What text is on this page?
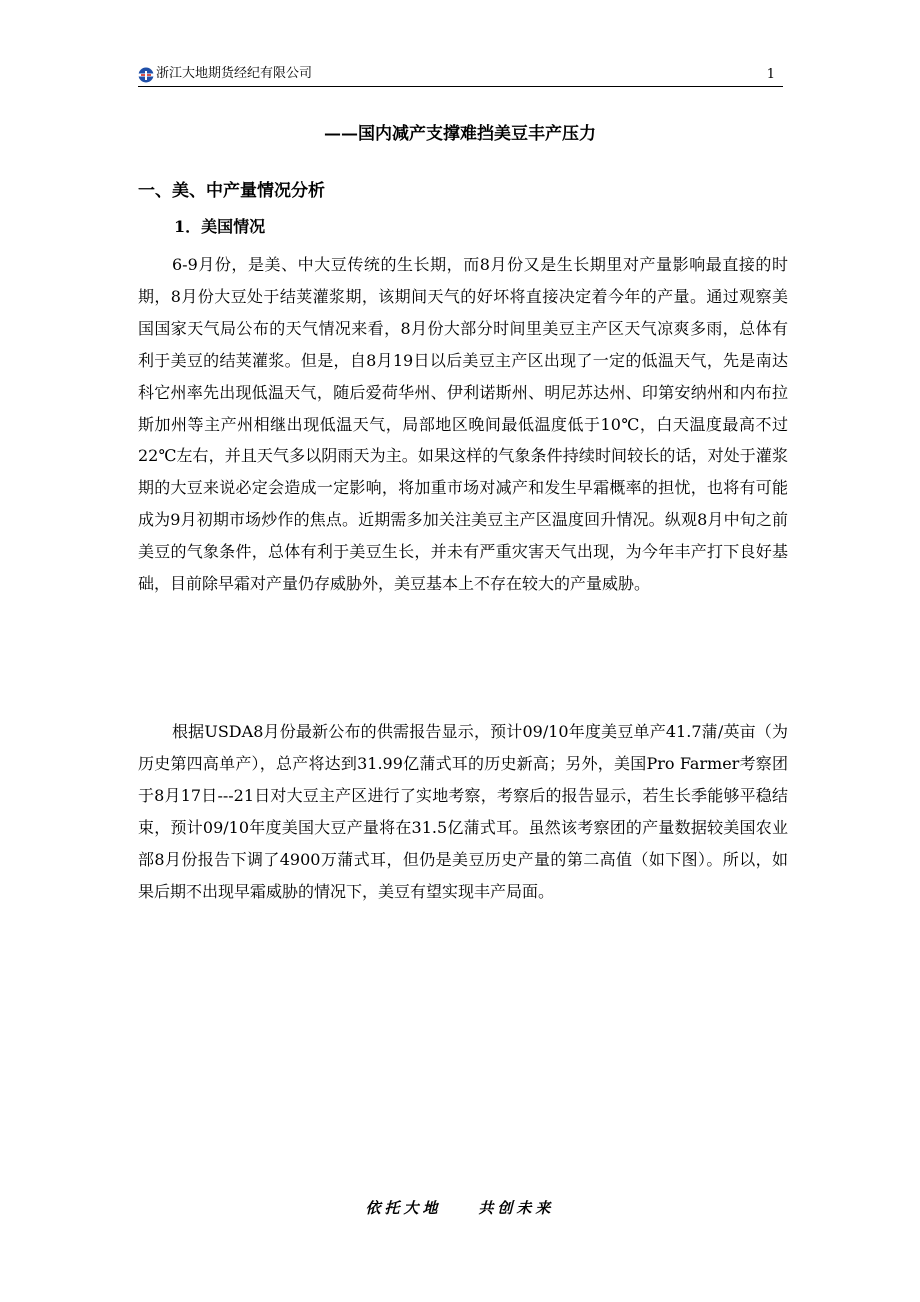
浙江大地期货经纪有限公司	1
——国内减产支撑难挡美豆丰产压力
一、美、中产量情况分析
1．美国情况

6-9月份，是美、中大豆传统的生长期，而8月份又是生长期里对产量影响最直接的时期，8月份大豆处于结荚灌浆期，该期间天气的好坏将直接决定着今年的产量。通过观察美国国家天气局公布的天气情况来看，8月份大部分时间里美豆主产区天气凉爽多雨，总体有利于美豆的结荚灌浆。但是，自8月19日以后美豆主产区出现了一定的低温天气，先是南达科它州率先出现低温天气，随后爱荷华州、伊利诺斯州、明尼苏达州、印第安纳州和内布拉斯加州等主产州相继出现低温天气，局部地区晚间最低温度低于10℃，白天温度最高不过22℃左右，并且天气多以阴雨天为主。如果这样的气象条件持续时间较长的话，对处于灌浆期的大豆来说必定会造成一定影响，将加重市场对减产和发生早霜概率的担忧，也将有可能成为9月初期市场炒作的焦点。近期需多加关注美豆主产区温度回升情况。纵观8月中旬之前美豆的气象条件，总体有利于美豆生长，并未有严重灾害天气出现，为今年丰产打下良好基础，目前除早霜对产量仍存威胁外，美豆基本上不存在较大的产量威胁。

根据USDA8月份最新公布的供需报告显示，预计09/10年度美豆单产41.7蒲/英亩（为历史第四高单产），总产将达到31.99亿蒲式耳的历史新高；另外，美国Pro Farmer考察团于8月17日---21日对大豆主产区进行了实地考察，考察后的报告显示，若生长季能够平稳结束，预计09/10年度美国大豆产量将在31.5亿蒲式耳。虽然该考察团的产量数据较美国农业部8月份报告下调了4900万蒲式耳，但仍是美豆历史产量的第二高值（如下图）。所以，如果后期不出现早霜威胁的情况下，美豆有望实现丰产局面。

依托大地    共创未来
